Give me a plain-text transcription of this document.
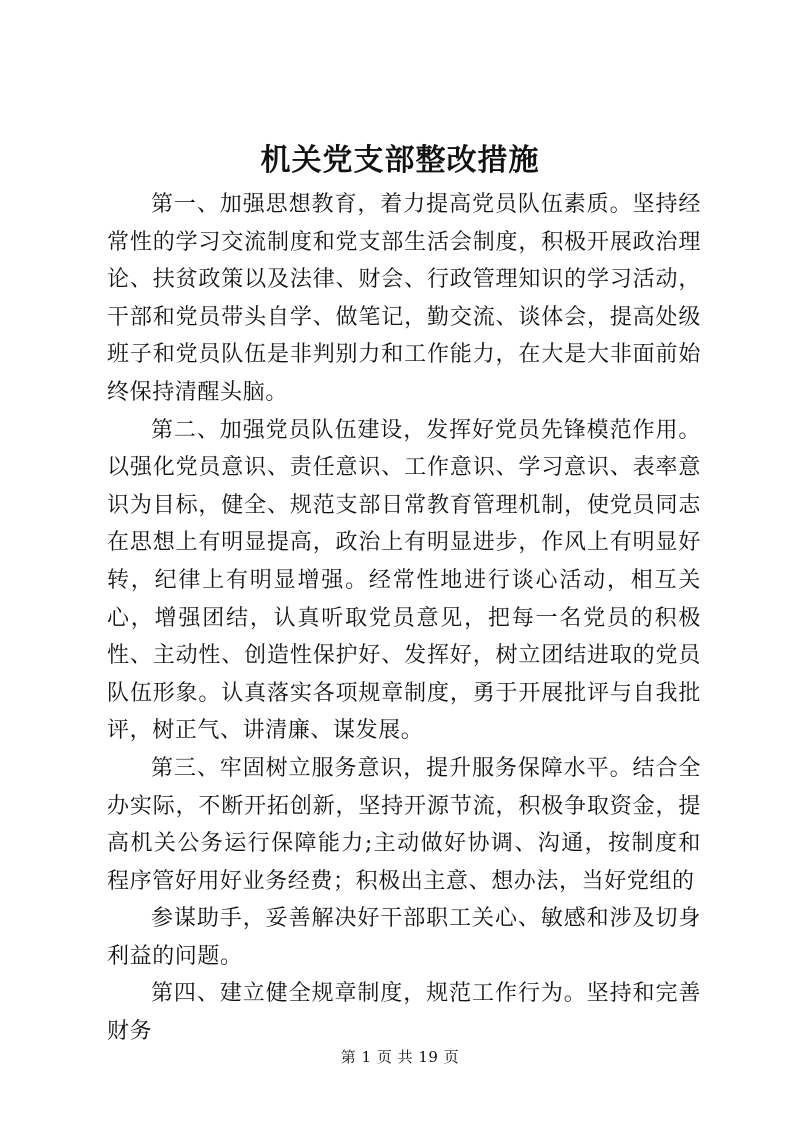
机关党支部整改措施

第一、加强思想教育，着力提高党员队伍素质。坚持经常性的学习交流制度和党支部生活会制度，积极开展政治理论、扶贫政策以及法律、财会、行政管理知识的学习活动，干部和党员带头自学、做笔记，勤交流、谈体会，提高处级班子和党员队伍是非判别力和工作能力，在大是大非面前始终保持清醒头脑。

第二、加强党员队伍建设，发挥好党员先锋模范作用。以强化党员意识、责任意识、工作意识、学习意识、表率意识为目标，健全、规范支部日常教育管理机制，使党员同志在思想上有明显提高，政治上有明显进步，作风上有明显好转，纪律上有明显增强。经常性地进行谈心活动，相互关心，增强团结，认真听取党员意见，把每一名党员的积极性、主动性、创造性保护好、发挥好，树立团结进取的党员队伍形象。认真落实各项规章制度，勇于开展批评与自我批评，树正气、讲清廉、谋发展。

第三、牢固树立服务意识，提升服务保障水平。结合全办实际，不断开拓创新，坚持开源节流，积极争取资金，提高机关公务运行保障能力;主动做好协调、沟通，按制度和程序管好用好业务经费；积极出主意、想办法，当好党组的

参谋助手，妥善解决好干部职工关心、敏感和涉及切身利益的问题。

第四、建立健全规章制度，规范工作行为。坚持和完善财务

第 1 页 共 19 页
